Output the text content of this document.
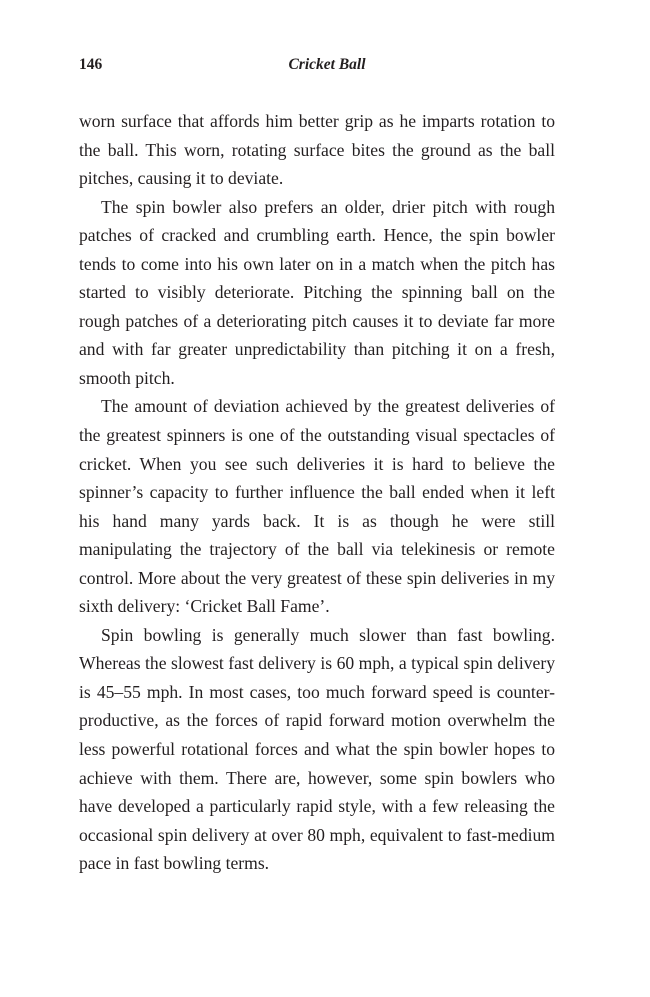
146	Cricket Ball

worn surface that affords him better grip as he imparts rotation to the ball. This worn, rotating surface bites the ground as the ball pitches, causing it to deviate.

The spin bowler also prefers an older, drier pitch with rough patches of cracked and crumbling earth. Hence, the spin bowler tends to come into his own later on in a match when the pitch has started to visibly deteriorate. Pitching the spinning ball on the rough patches of a deteriorating pitch causes it to deviate far more and with far greater unpredictability than pitching it on a fresh, smooth pitch.

The amount of deviation achieved by the greatest deliveries of the greatest spinners is one of the outstanding visual spectacles of cricket. When you see such deliveries it is hard to believe the spinner’s capacity to further influence the ball ended when it left his hand many yards back. It is as though he were still manipulating the trajectory of the ball via telekinesis or remote control. More about the very greatest of these spin deliveries in my sixth delivery: ‘Cricket Ball Fame’.

Spin bowling is generally much slower than fast bowling. Whereas the slowest fast delivery is 60 mph, a typical spin delivery is 45–55 mph. In most cases, too much forward speed is counter-productive, as the forces of rapid forward motion overwhelm the less powerful rotational forces and what the spin bowler hopes to achieve with them. There are, however, some spin bowlers who have developed a particularly rapid style, with a few releasing the occasional spin delivery at over 80 mph, equivalent to fast-medium pace in fast bowling terms.
